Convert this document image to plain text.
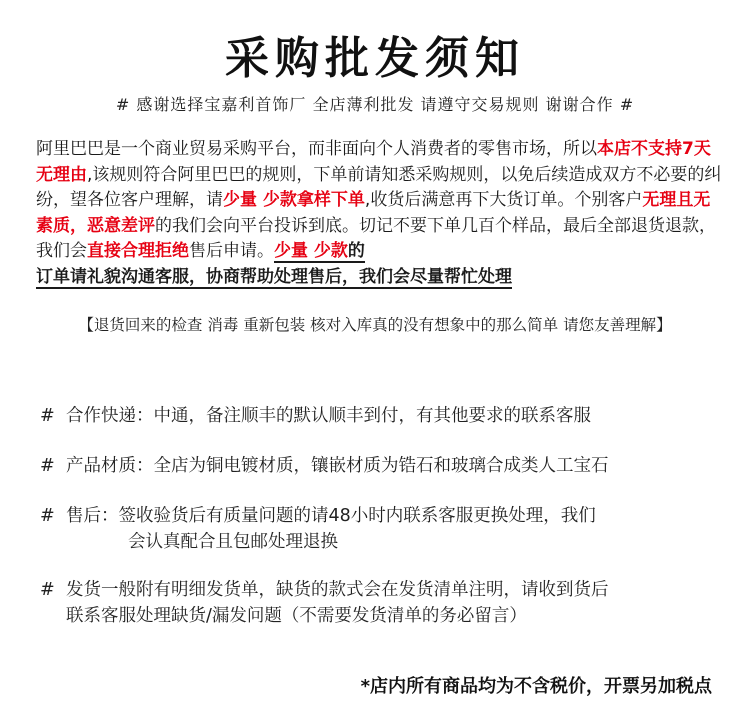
采购批发须知
# 感谢选择宝嘉利首饰厂 全店薄利批发 请遵守交易规则 谢谢合作 #
阿里巴巴是一个商业贸易采购平台，而非面向个人消费者的零售市场，所以本店不支持7天无理由,该规则符合阿里巴巴的规则，下单前请知悉采购规则，以免后续造成双方不必要的纠纷，望各位客户理解，请少量 少款拿样下单,收货后满意再下大货订单。个别客户无理且无素质，恶意差评的我们会向平台投诉到底。切记不要下单几百个样品，最后全部退货退款，我们会直接合理拒绝售后申请。少量 少款的
订单请礼貌沟通客服，协商帮助处理售后，我们会尽量帮忙处理
【退货回来的检查 消毒 重新包装 核对入库真的没有想象中的那么简单 请您友善理解】
# 合作快递：中通，备注顺丰的默认顺丰到付，有其他要求的联系客服
# 产品材质：全店为铜电镀材质，镶嵌材质为锆石和玻璃合成类人工宝石
# 售后：签收验货后有质量问题的请48小时内联系客服更换处理，我们
会认真配合且包邮处理退换
# 发货一般附有明细发货单，缺货的款式会在发货清单注明，请收到货后
联系客服处理缺货/漏发问题（不需要发货清单的务必留言）
*店内所有商品均为不含税价，开票另加税点
